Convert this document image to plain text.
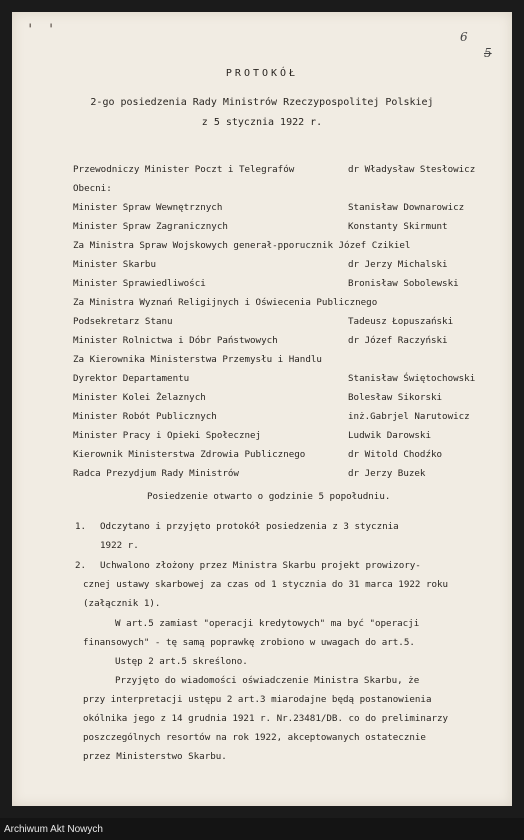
' '	6
5
PROTOKÓŁ
2-go posiedzenia Rady Ministrów Rzeczypospolitej Polskiej
z 5 stycznia 1922 r.
Przewodniczy Minister Poczt i Telegrafów	dr Władysław Stesłowicz
Obecni:
Minister Spraw Wewnętrznych	Stanisław Downarowicz
Minister Spraw Zagranicznych	Konstanty Skirmunt
Za Ministra Spraw Wojskowych generał-pporucznik Józef Czikiel
Minister Skarbu	dr Jerzy Michalski
Minister Sprawiedliwości	Bronisław Sobolewski
Za Ministra Wyznań Religijnych i Oświecenia Publicznego
Podsekretarz Stanu	Tadeusz Łopuszański
Minister Rolnictwa i Dóbr Państwowych	dr Józef Raczyński
Za Kierownika Ministerstwa Przemysłu i Handlu
Dyrektor Departamentu	Stanisław Świętochowski
Minister Kolei Żelaznych	Bolesław Sikorski
Minister Robót Publicznych	inż.Gabrjel Narutowicz
Minister Pracy i Opieki Społecznej	Ludwik Darowski
Kierownik Ministerstwa Zdrowia Publicznego	dr Witold Chodźko
Radca Prezydjum Rady Ministrów	dr Jerzy Buzek
Posiedzenie otwarto o godzinie 5 popołudniu.
1. Odczytano i przyjęto protokół posiedzenia z 3 stycznia
1922 r.
2. Uchwalono złożony przez Ministra Skarbu projekt prowizory-
cznej ustawy skarbowej za czas od 1 stycznia do 31 marca 1922 roku
(załącznik 1).
W art.5 zamiast "operacji kredytowych" ma być "operacji
finansowych" - tę samą poprawkę zrobiono w uwagach do art.5.
Ustęp 2 art.5 skreślono.
Przyjęto do wiadomości oświadczenie Ministra Skarbu, że
przy interpretacji ustępu 2 art.3 miarodajne będą postanowienia
okólnika jego z 14 grudnia 1921 r. Nr.23481/DB. co do preliminarzy
poszczególnych resortów na rok 1922, akceptowanych ostatecznie
przez Ministerstwo Skarbu.
Archiwum Akt Nowych
